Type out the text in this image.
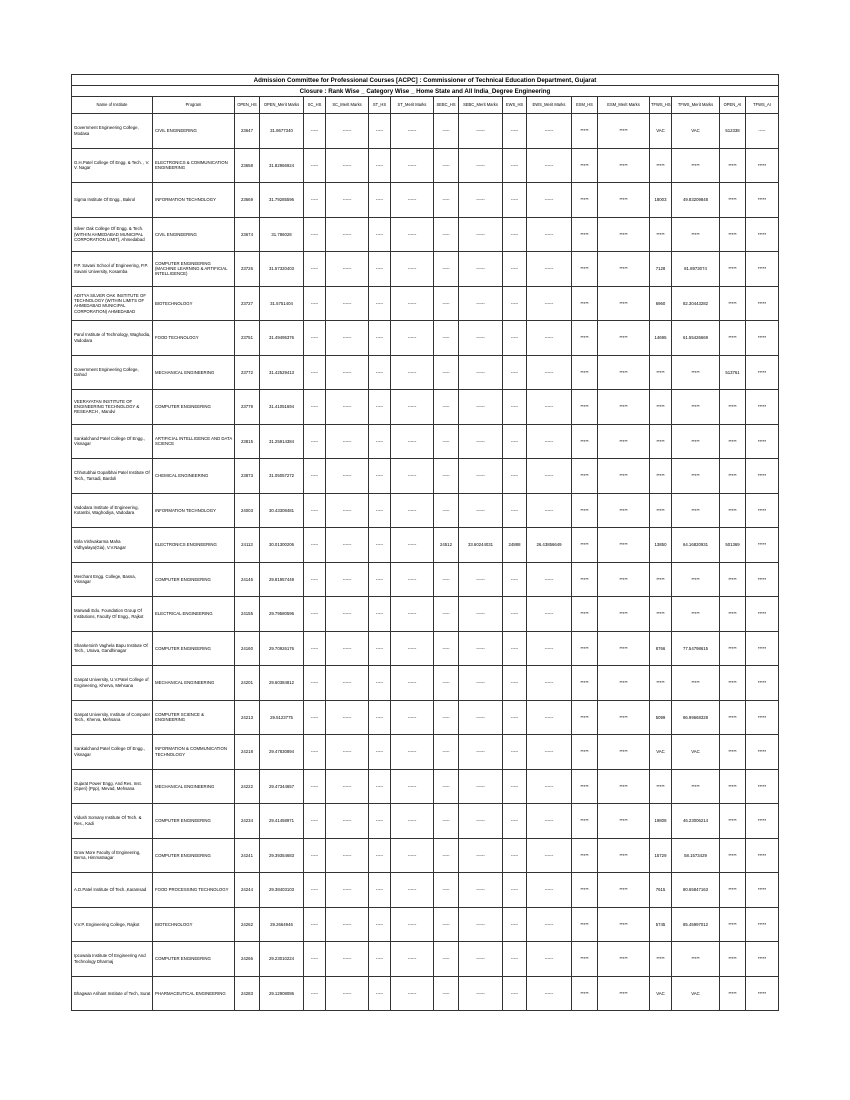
Admission Committee for Professional Courses [ACPC] : Commissioner of Technical Education Department, Gujarat																	
Closure : Rank Wise _ Category Wise _ Home State and All India_Degree Engineering																	
Name of Institute	Program	OPEN_HS	OPEN_Merit Marks	SC_HS	SC_Merit Marks	ST_HS	ST_Merit Marks	SEBC_HS	SEBC_Merit Marks	EWS_HS	EWS_Merit Marks	ESM_HS	ESM_Merit Marks	TFWS_HS	TFWS_Merit Marks	OPEN_AI	TFWS_AI
Government Engineering College, Modasa	CIVIL ENGINEERING	23647	31.8677340	-----	------	-----	------	-----	------	-----	------	*****	*****	VAC	VAC	512338	-----
G.H.Patel College Of Engg. & Tech. , V. V. Nagar	ELECTRONICS & COMMUNICATION ENGINEERING	23658	31.82966924	-----	------	-----	------	-----	------	-----	------	*****	*****	*****	*****	*****	*****
Sigma Institute Of Engg., Bakrol	INFORMATION TECHNOLOGY	23669	31.79285596	-----	------	-----	------	-----	------	-----	------	*****	*****	18003	49.83209848	*****	*****
Silver Oak College Of Engg. & Tech. (WITHIN AHMEDABAD MUNICIPAL CORPORATION LIMIT), Ahmedabad	CIVIL ENGINEERING	23674	31.786028	-----	------	-----	------	-----	------	-----	------	*****	*****	*****	*****	*****	*****
P.P. Savani School of Engineering, P.P. Savani University, Kosamba	COMPUTER ENGINEERING (MACHINE LEARNING & ARTIFICIAL INTELLIGENCE)	23726	31.57320403	-----	------	-----	------	-----	------	-----	------	*****	*****	7128	81.8973074	*****	*****
ADITYA SILVER OAK INSTITUTE OF TECHNOLOGY (WITHIN LIMITS OF AHMEDABAD MUNICIPAL CORPORATION) AHMEDABAD	BIOTECHNOLOGY	23727	31.5751404	-----	------	-----	------	-----	------	-----	------	*****	*****	6960	82.30443282	*****	*****
Parul Institute of Technology, Waghodia, Vadodara	FOOD TECHNOLOGY	23751	31.49495376	-----	------	-----	------	-----	------	-----	------	*****	*****	14695	61.55426669	*****	*****
Government Engineering College, Dahod	MECHANICAL ENGINEERING	23772	31.42529413	-----	------	-----	------	-----	------	-----	------	*****	*****	*****	*****	513761	*****
VEERAYATAN INSTITUTE OF ENGINEERING TECHNOLOGY & RESEARCH , Mandvi	COMPUTER ENGINEERING	23779	31.41051694	-----	------	-----	------	-----	------	-----	------	*****	*****	*****	*****	*****	*****
Sankalchand Patel College Of Engg., Visnagar	ARTIFICIAL INTELLIGENCE AND DATA SCIENCE	23815	31.25914384	-----	------	-----	------	-----	------	-----	------	*****	*****	*****	*****	*****	*****
Chhotubhai Gopalbhai Patel Institute Of Tech., Tarsadi, Bardoli	CHEMICAL ENGINEERING	23873	31.05057272	-----	------	-----	------	-----	------	-----	------	*****	*****	*****	*****	*****	*****
Vadodara Institute of Engineering, Kotambi, Waghodiya, Vadodara	INFORMATION TECHNOLOGY	24003	30.43308481	-----	------	-----	------	-----	------	-----	------	*****	*****	*****	*****	*****	*****
Birla Vishvakarma Maha Vidhyalaya(Gia), V.V.Nagar	ELECTRONICS ENGINEERING	24113	30.01300206	-----	------	-----	------	24512	33.60244031	24888	26.43856649	*****	*****	13850	64.16820931	501369	*****
Merchant Engg. College, Basna, Visnagar	COMPUTER ENGINEERING	24146	29.81957449	-----	------	-----	------	-----	------	-----	------	*****	*****	*****	*****	*****	*****
Marwadi Edu. Foundation Group Of Institutions, Faculty Of Engg., Rajkot	ELECTRICAL ENGINEERING	24155	29.79580596	-----	------	-----	------	-----	------	-----	------	*****	*****	*****	*****	*****	*****
Shankersinh Vaghela Bapu Institute Of Tech., Unava, Gandhinagar	COMPUTER ENGINEERING	24160	29.70926176	-----	------	-----	------	-----	------	-----	------	*****	*****	8766	77.54798615	*****	*****
Ganpat University, U.V.Patel College of Engineering, Kherva, Mehsana	MECHANICAL ENGINEERING	24201	29.60384812	-----	------	-----	------	-----	------	-----	------	*****	*****	*****	*****	*****	*****
Ganpat University, Institute of Computer Tech., Kherva, Mehsana	COMPUTER SCIENCE & ENGINEERING	24213	29.5123775	-----	------	-----	------	-----	------	-----	------	*****	*****	5099	86.99668328	*****	*****
Sankalchand Patel College Of Engg., Visnagar	INFORMATION & COMMUNICATION TECHNOLOGY	24218	29.47830894	-----	------	-----	------	-----	------	-----	------	*****	*****	VAC	VAC	*****	*****
Gujarat Power Engg. And Res. Inst. (Gperi) (Ppp), Mevad, Mehsana	MECHANICAL ENGINEERING	24222	29.47344657	-----	------	-----	------	-----	------	-----	------	*****	*****	*****	*****	*****	*****
Vidush Somany Institute Of Tech. & Res., Kadi	COMPUTER ENGINEERING	24234	29.41458971	-----	------	-----	------	-----	------	-----	------	*****	*****	19808	46.23006214	*****	*****
Grow More Faculty of Engineering, Berna, Himmatnagar	COMPUTER ENGINEERING	24241	29.39354683	-----	------	-----	------	-----	------	-----	------	*****	*****	15729	58.1573429	*****	*****
A.D.Patel Institute Of Tech.,Karamsad	FOOD PROCESSING TECHNOLOGY	24244	29.38403103	-----	------	-----	------	-----	------	-----	------	*****	*****	7615	80.65847163	*****	*****
V.V.P. Engineering College, Rajkot	BIOTECHNOLOGY	24262	29.2664946	-----	------	-----	------	-----	------	-----	------	*****	*****	5745	85.45997012	*****	*****
Ipcowala Institute Of Engineering And Technology Dharmaj	COMPUTER ENGINEERING	24266	29.23010224	-----	------	-----	------	-----	------	-----	------	*****	*****	*****	*****	*****	*****
Bhagwan Arihant Institute of Tech, Surat	PHARMACEUTICAL ENGINEERING	24283	29.12908086	-----	------	-----	------	-----	------	-----	------	*****	*****	VAC	VAC	*****	*****
